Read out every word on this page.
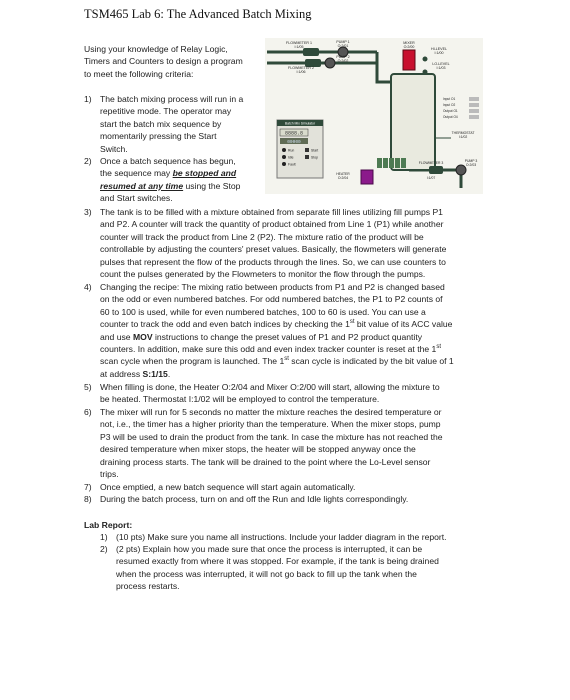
TSM465 Lab 6: The Advanced Batch Mixing
Using your knowledge of Relay Logic,
Timers and Counters to design a program
to meet the following criteria:
1) The batch mixing process will run in a
repetitive mode. The operator may
start the batch mix sequence by
momentarily pressing the Start
Switch.
2) Once a batch sequence has begun,
the sequence may be stopped and
resumed at any time using the Stop
and Start switches.
3) The tank is to be filled with a mixture obtained from separate fill lines utilizing fill pumps P1
and P2. A counter will track the quantity of product obtained from Line 1 (P1) while another
counter will track the product from Line 2 (P2). The mixture ratio of the product will be
controllable by adjusting the counters' preset values. Basically, the flowmeters will generate
pulses that represent the flow of the products through the lines. So, we can use counters to
count the pulses generated by the Flowmeters to monitor the flow through the pumps.
4) Changing the recipe: The mixing ratio between products from P1 and P2 is changed based
on the odd or even numbered batches. For odd numbered batches, the P1 to P2 counts of
60 to 100 is used, while for even numbered batches, 100 to 60 is used. You can use a
counter to track the odd and even batch indices by checking the 1st bit value of its ACC value
and use MOV instructions to change the preset values of P1 and P2 product quantity
counters. In addition, make sure this odd and even index tracker counter is reset at the 1st
scan cycle when the program is launched. The 1st scan cycle is indicated by the bit value of 1
at address S:1/15.
5) When filling is done, the Heater O:2/04 and Mixer O:2/00 will start, allowing the mixture to
be heated. Thermostat I:1/02 will be employed to control the temperature.
6) The mixer will run for 5 seconds no matter the mixture reaches the desired temperature or
not, i.e., the timer has a higher priority than the temperature. When the mixer stops, pump
P3 will be used to drain the product from the tank. In case the mixture has not reached the
desired temperature when mixer stops, the heater will be stopped anyway once the
draining process starts. The tank will be drained to the point where the Lo-Level sensor
trips.
7) Once emptied, a new batch sequence will start again automatically.
8) During the batch process, turn on and off the Run and Idle lights correspondingly.
Lab Report:
1) (10 pts) Make sure you name all instructions. Include your ladder diagram in the report.
2) (2 pts) Explain how you made sure that once the process is interrupted, it can be
resumed exactly from where it was stopped. For example, if the tank is being drained
when the process was interrupted, it will not go back to fill up the tank when the
process restarts.
FLOWMETER 1
I:1/05
FLOWMETER 2
I:1/06
PUMP 1
O:2/01
PUMP 2
O:2/02
MIXER
O:2/00	HI-LEVEL
I:1/00
LO-LEVEL
I:1/03
Batch Mix Simulator
8888.8
00000
Run
Idle
Fault
Start
Stop
Input O1
Input O2
Output O1
Output O4
THERMOSTAT
I:1/02
HEATER
O:2/04
FLOWMETER 3
I:1/07
PUMP 3
O:2/03
